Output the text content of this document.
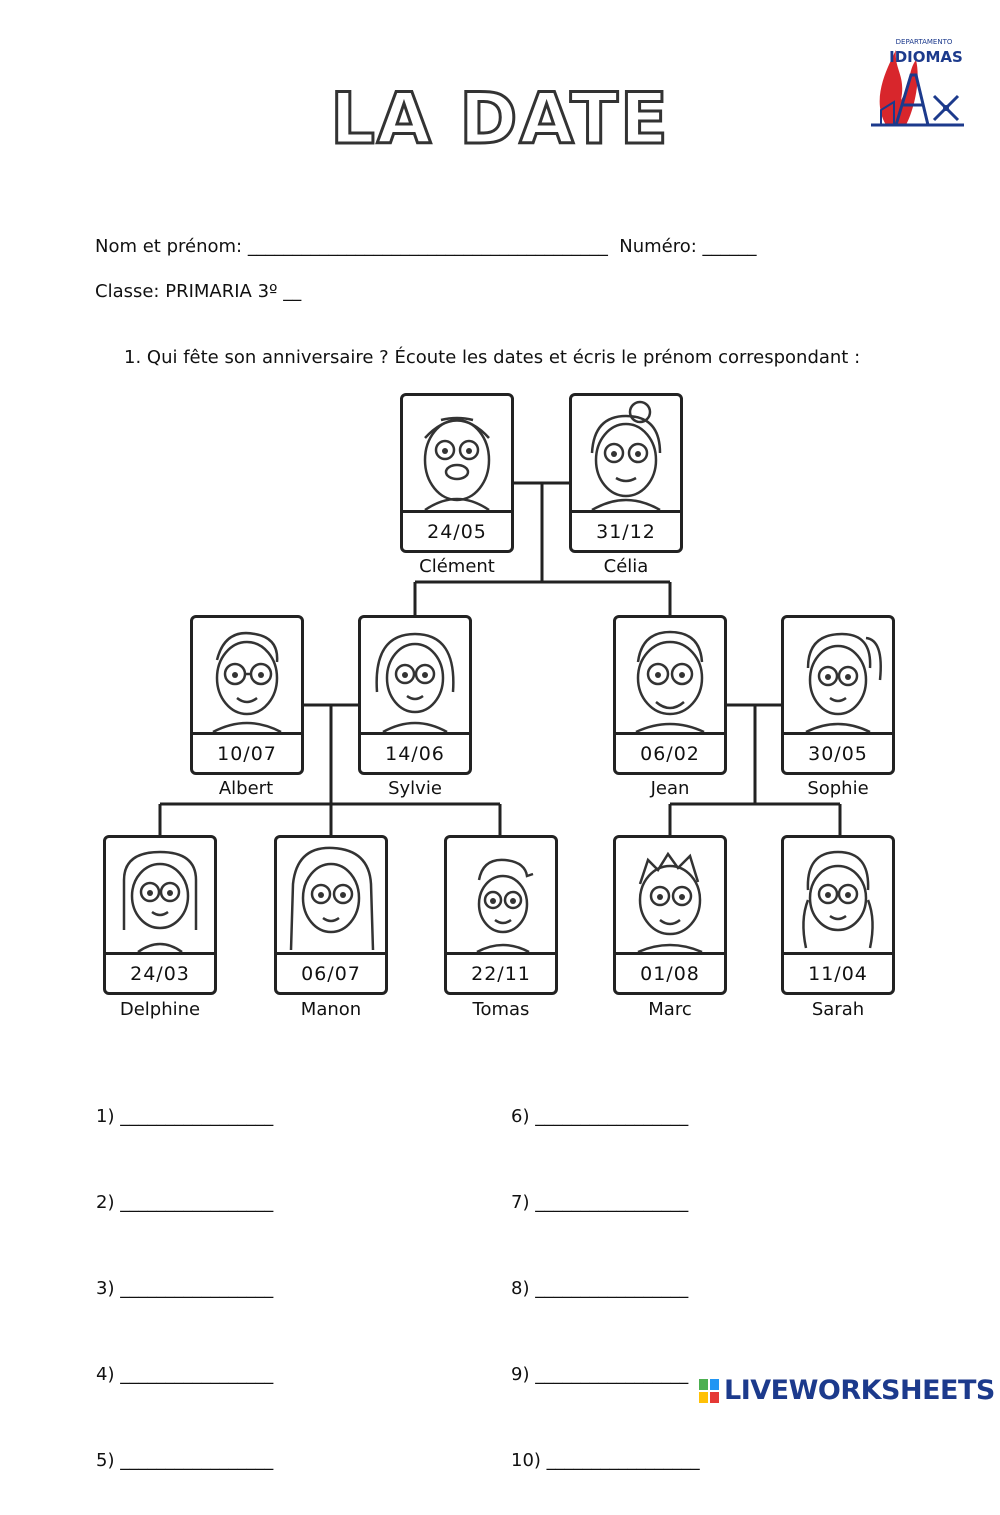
LA DATE
DEPARTAMENTO
IDIOMAS
Nom et prénom: ________________________________________  Numéro: ______
Classe: PRIMARIA 3º __
1. Qui fête son anniversaire ? Écoute les dates et écris le prénom correspondant :
24/05
Clément
31/12
Célia
10/07
Albert
14/06
Sylvie
06/02
Jean
30/05
Sophie
24/03
Delphine
06/07
Manon
22/11
Tomas
01/08
Marc
11/04
Sarah

1) _________________

2) _________________

3) _________________

4) _________________

5) _________________

6) _________________

7) _________________

8) _________________

9) _________________

10) _________________

LIVEWORKSHEETS
